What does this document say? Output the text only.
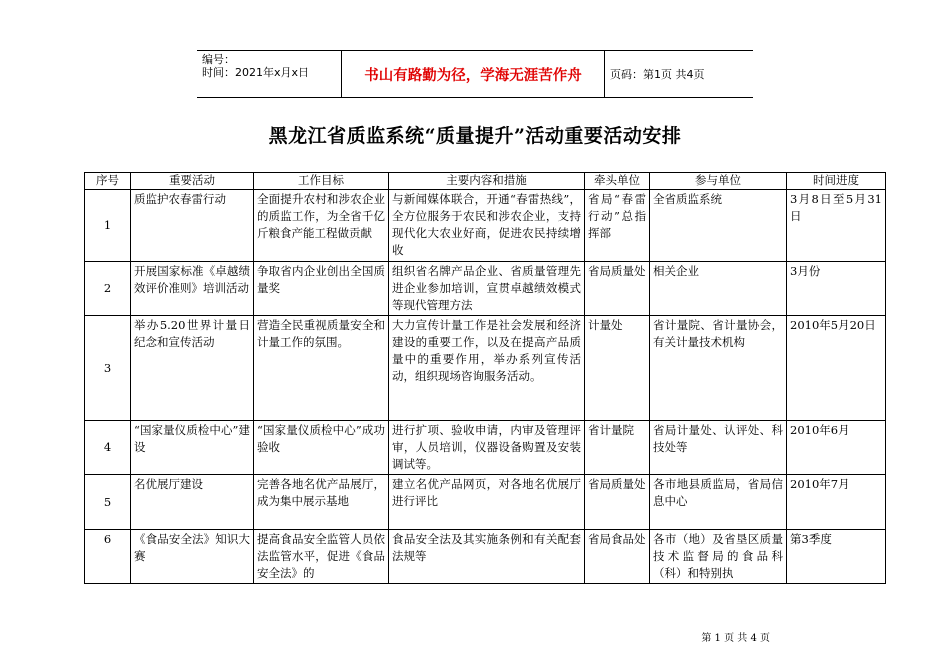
编号：
时间：2021年x月x日	书山有路勤为径，学海无涯苦作舟	页码：第1页 共4页
黑龙江省质监系统“质量提升”活动重要活动安排
序号	重要活动	工作目标	主要内容和措施	牵头单位	参与单位	时间进度
1	质监护农春雷行动	全面提升农村和涉农企业的质监工作，为全省千亿斤粮食产能工程做贡献	与新闻媒体联合，开通“春雷热线”，全方位服务于农民和涉农企业，支持现代化大农业好商，促进农民持续增收	省局“春雷行动”总指挥部	全省质监系统	3月8日至5月31日
2	开展国家标准《卓越绩效评价准则》培训活动	争取省内企业创出全国质量奖	组织省名牌产品企业、省质量管理先进企业参加培训，宣贯卓越绩效模式等现代管理方法	省局质量处	相关企业	3月份
3	举办5.20世界计量日纪念和宣传活动	营造全民重视质量安全和计量工作的氛围。	大力宣传计量工作是社会发展和经济建设的重要工作，以及在提高产品质量中的重要作用，举办系列宣传活动，组织现场咨询服务活动。	计量处	省计量院、省计量协会，有关计量技术机构	2010年5月20日
4	“国家量仪质检中心”建设	“国家量仪质检中心”成功验收	进行扩项、验收申请，内审及管理评审，人员培训，仪器设备购置及安装调试等。	省计量院	省局计量处、认评处、科技处等	2010年6月
5	名优展厅建设	完善各地名优产品展厅，成为集中展示基地	建立名优产品网页，对各地名优展厅进行评比	省局质量处	各市地县质监局，省局信息中心	2010年7月
6	《食品安全法》知识大赛	提高食品安全监管人员依法监管水平，促进《食品安全法》的	食品安全法及其实施条例和有关配套法规等	省局食品处	各市（地）及省垦区质量技术监督局的食品科（科）和特别执	第3季度
第 1 页 共 4 页
